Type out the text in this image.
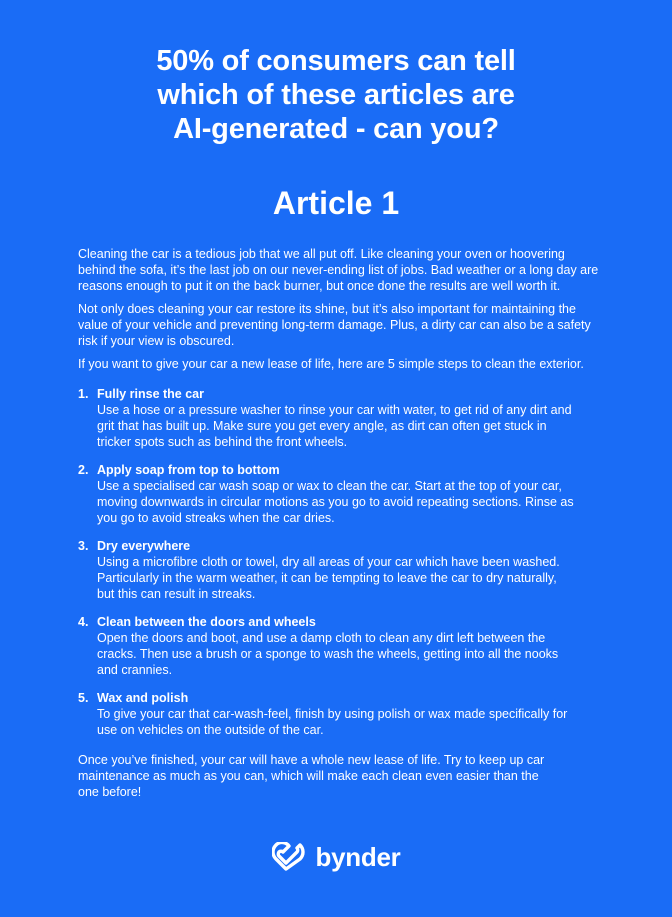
50% of consumers can tell
which of these articles are
AI-generated - can you?
Article 1

Cleaning the car is a tedious job that we all put off. Like cleaning your oven or hoovering behind the sofa, it’s the last job on our never-ending list of jobs. Bad weather or a long day are reasons enough to put it on the back burner, but once done the results are well worth it.

Not only does cleaning your car restore its shine, but it’s also important for maintaining the value of your vehicle and preventing long-term damage. Plus, a dirty car can also be a safety risk if your view is obscured.

If you want to give your car a new lease of life, here are 5 simple steps to clean the exterior.

1. Fully rinse the car
Use a hose or a pressure washer to rinse your car with water, to get rid of any dirt and grit that has built up. Make sure you get every angle, as dirt can often get stuck in tricker spots such as behind the front wheels.
2. Apply soap from top to bottom
Use a specialised car wash soap or wax to clean the car. Start at the top of your car, moving downwards in circular motions as you go to avoid repeating sections. Rinse as you go to avoid streaks when the car dries.
3. Dry everywhere
Using a microfibre cloth or towel, dry all areas of your car which have been washed. Particularly in the warm weather, it can be tempting to leave the car to dry naturally, but this can result in streaks.
4. Clean between the doors and wheels
Open the doors and boot, and use a damp cloth to clean any dirt left between the cracks. Then use a brush or a sponge to wash the wheels, getting into all the nooks and crannies.
5. Wax and polish
To give your car that car-wash-feel, finish by using polish or wax made specifically for use on vehicles on the outside of the car.

Once you’ve finished, your car will have a whole new lease of life. Try to keep up car maintenance as much as you can, which will make each clean even easier than the one before!

bynder
